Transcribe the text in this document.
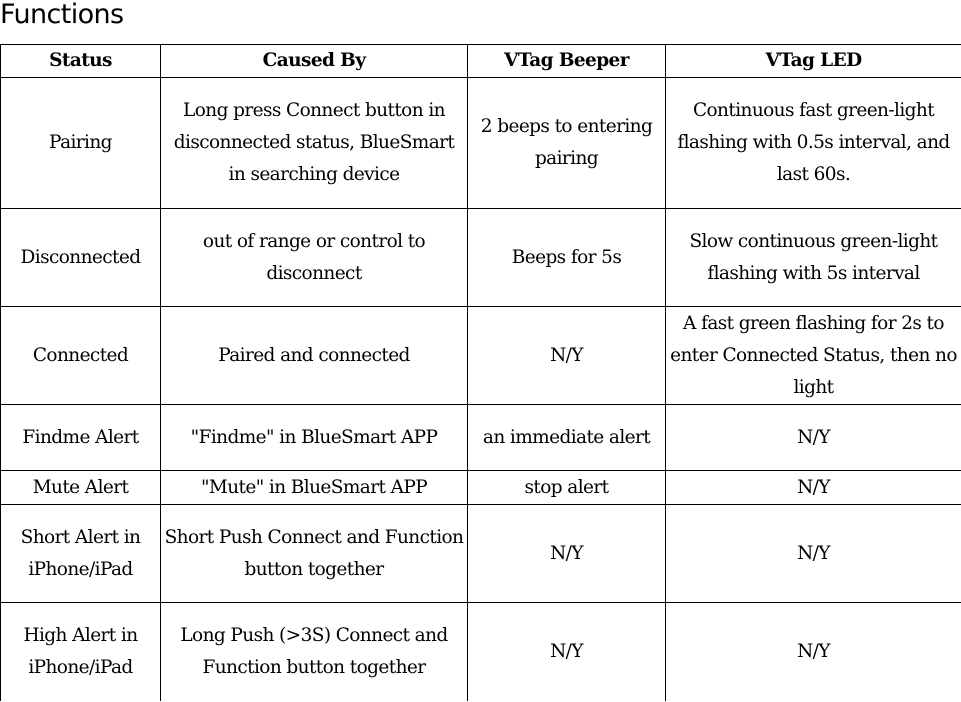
Functions
Status	Caused By	VTag Beeper	VTag LED
Pairing	Long press Connect button in disconnected status, BlueSmart in searching device	2 beeps to entering pairing	Continuous fast green-light flashing with 0.5s interval, and last 60s.
Disconnected	out of range or control to disconnect	Beeps for 5s	Slow continuous green-light flashing with 5s interval
Connected	Paired and connected	N/Y	A fast green flashing for 2s to enter Connected Status, then no light
Findme Alert	"Findme" in BlueSmart APP	an immediate alert	N/Y
Mute Alert	"Mute" in BlueSmart APP	stop alert	N/Y
Short Alert in iPhone/iPad	Short Push Connect and Function button together	N/Y	N/Y
High Alert in iPhone/iPad	Long Push (>3S) Connect and Function button together	N/Y	N/Y
